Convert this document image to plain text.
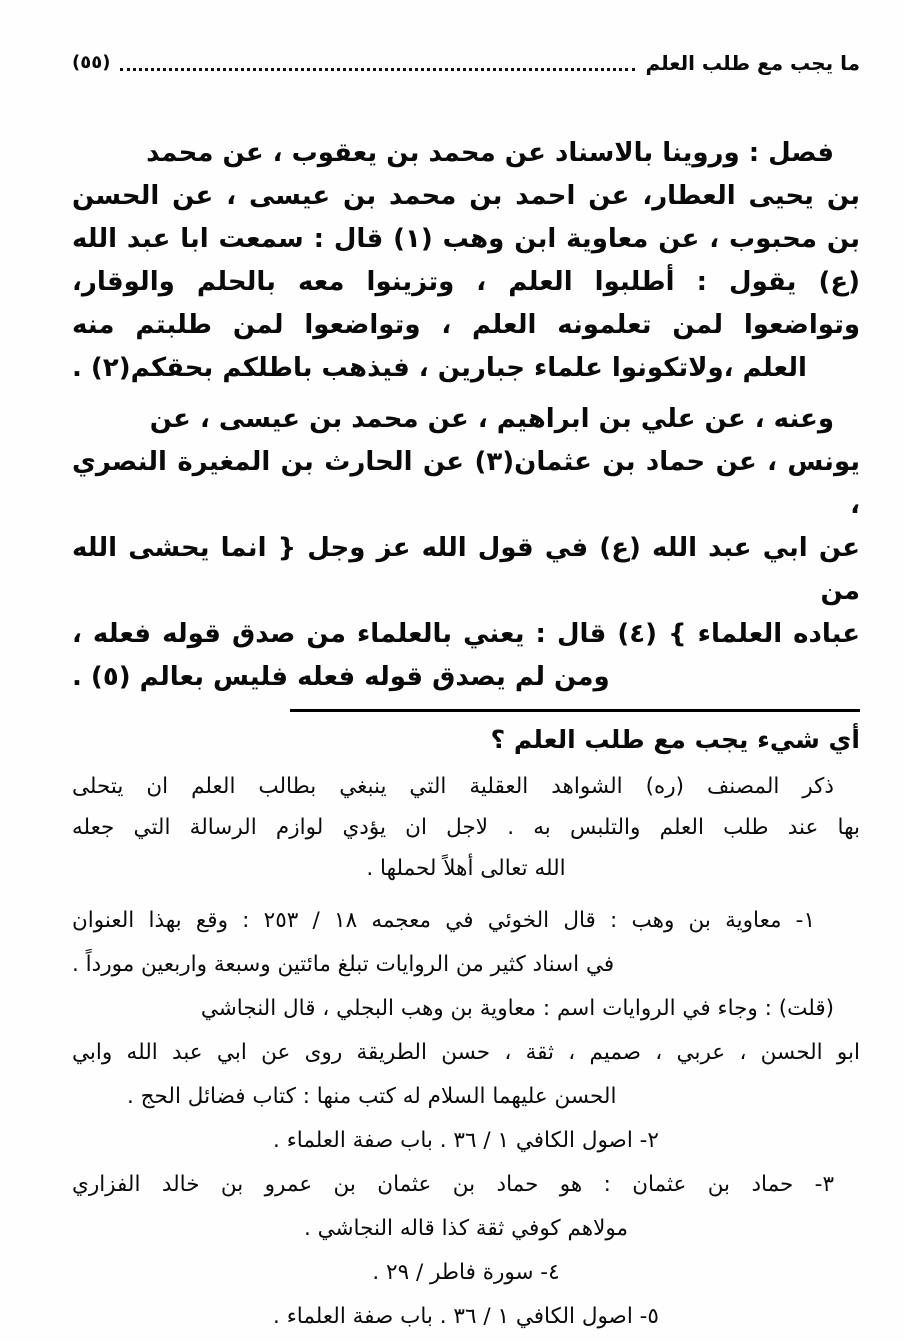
ما يجب مع طلب العلم
(٥٥)
فصل : وروينا بالاسناد عن محمد بن يعقوب ، عن محمد
بن يحيى العطار، عن احمد بن محمد بن عيسى ، عن الحسن
بن محبوب ، عن معاوية ابن وهب (١) قال : سمعت ابا عبد الله
(ع) يقول : أطلبوا العلم ، وتزينوا معه بالحلم والوقار،
وتواضعوا لمن تعلمونه العلم ، وتواضعوا لمن طلبتم منه
العلم ،ولاتكونوا علماء جبارين ، فيذهب باطلكم بحقكم(٢) .
وعنه ، عن علي بن ابراهيم ، عن محمد بن عيسى ، عن
يونس ، عن حماد بن عثمان(٣) عن الحارث بن المغيرة النصري ،
عن ابي عبد الله (ع) في قول الله عز وجل { انما يحشى الله من
عباده العلماء } (٤) قال : يعني بالعلماء من صدق قوله فعله ،
ومن لم يصدق قوله فعله فليس بعالم (٥) .
أي شيء يجب مع طلب العلم ؟
ذكر المصنف (ره) الشواهد العقلية التي ينبغي بطالب العلم ان يتحلى
بها عند طلب العلم والتلبس به . لاجل ان يؤدي لوازم الرسالة التي جعله
الله تعالى أهلاً لحملها .
١- معاوية بن وهب : قال الخوئي في معجمه ١٨ / ٢٥٣ : وقع بهذا العنوان
في اسناد كثير من الروايات تبلغ مائتين وسبعة واربعين مورداً .
(قلت) : وجاء في الروايات اسم : معاوية بن وهب البجلي ، قال النجاشي
ابو الحسن ، عربي ، صميم ، ثقة ، حسن الطريقة روى عن ابي عبد الله وابي
الحسن عليهما السلام له كتب منها : كتاب فضائل الحج .
٢- اصول الكافي ١ / ٣٦ . باب صفة العلماء .
٣- حماد بن عثمان : هو حماد بن عثمان بن عمرو بن خالد الفزاري
مولاهم كوفي ثقة كذا قاله النجاشي .
٤- سورة فاطر / ٢٩ .
٥- اصول الكافي ١ / ٣٦ . باب صفة العلماء .
